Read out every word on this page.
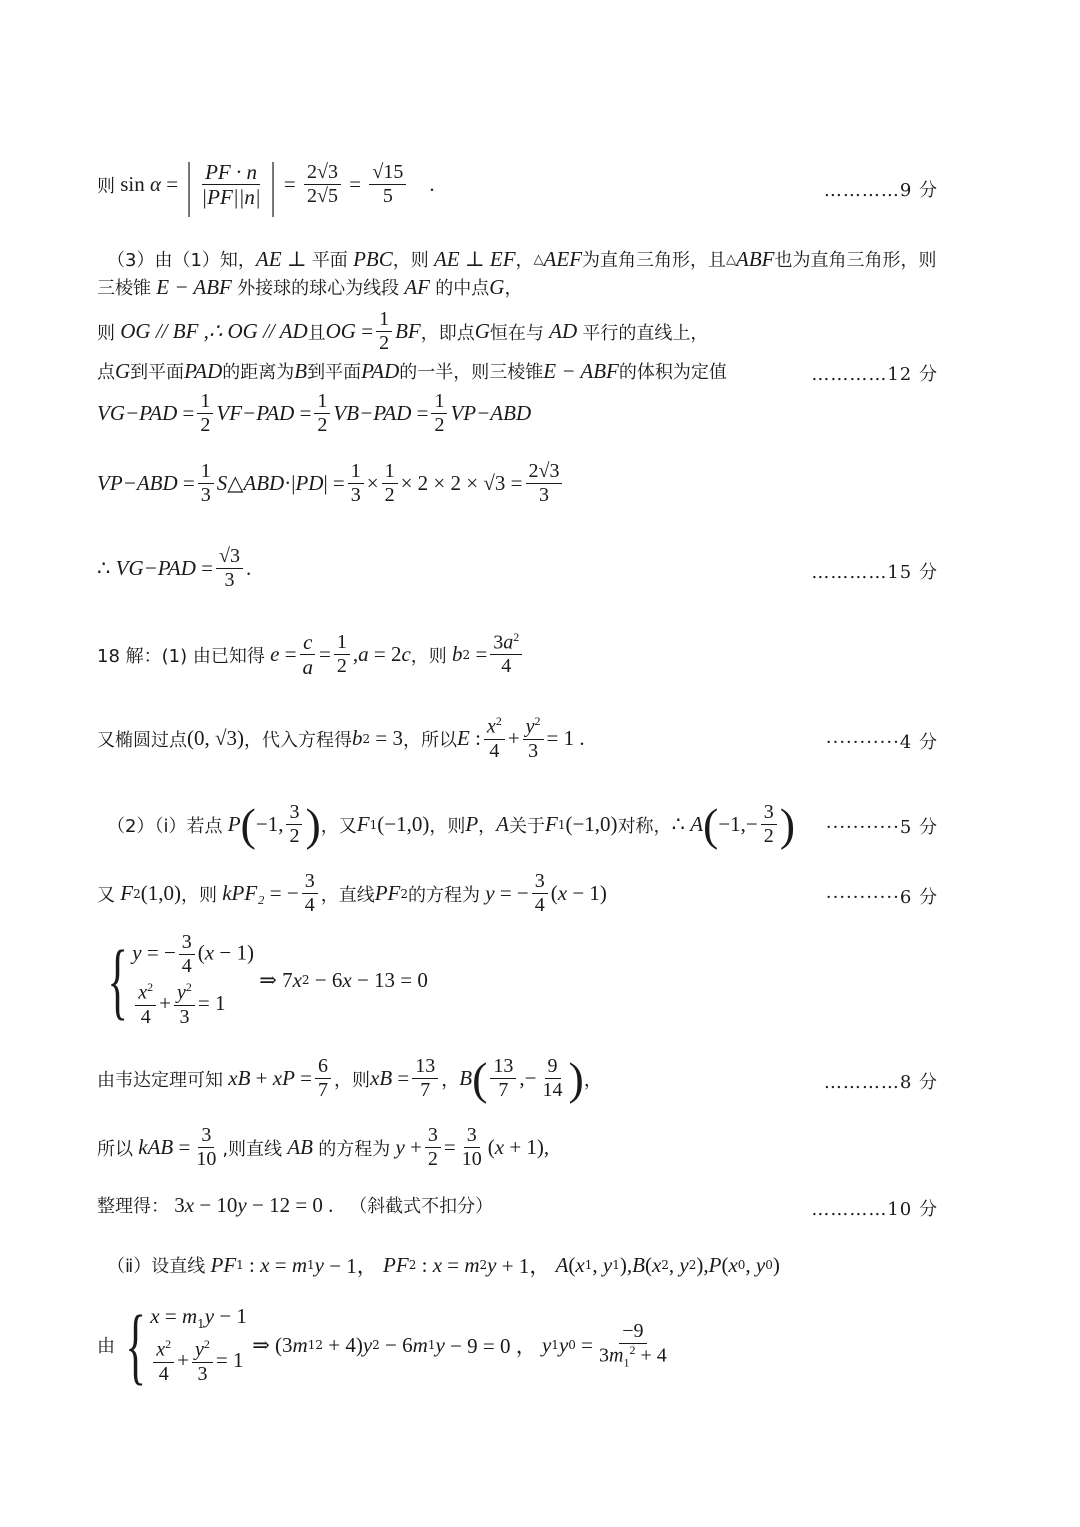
则 sin α = | $\frac{PF \cdot n}{|PF||n|}$ | = $\frac{2√3}{2√5} = \frac{√15}{5}$ .	…………9 分
（3）由（1）知， AE ⊥ 平面 PBC ，则 AE ⊥ EF ， △ AEF 为直角三角形，且 △ ABF 也为直角三角形，则
三棱锥 E − ABF 外接球的球心为线段 AF 的中点 G ，
则 OG // BF ,∴ OG // AD 且 OG = $\frac{1}{2}$ BF ，即点 G 恒在与 AD 平行的直线上，
点 G 到平面 PAD 的距离为 B 到平面 PAD 的一半，则三棱锥 E − ABF 的体积为定值	…………12 分
V $G-PAD = \frac{1}{2}$ V $F-PAD = \frac{1}{2}$ V $B-PAD = \frac{1}{2}$ V P−ABD
V $P-ABD = \frac{1}{3}$ S △ABD ·| PD | = $\frac{1}{3} \times \frac{1}{2} \times 2 \times 2 \times √3 = \frac{2√3}{3}$
∴ V $G-PAD = \frac{√3}{3}$ .	…………15 分
18 解：(1) 由已知得 $e = \frac{c}{a} = \frac{1}{2}$ , a = 2 c ，则 b $2 = \frac{3a^2}{4}$
又椭圆过点 (0, √3) ，代入方程得 b 2 = 3 ，所以 E : $\frac{x^2}{4} + \frac{y^2}{3} = 1$ .	···········4 分
（2）（ⅰ）若点 P ( −1, $\frac{3}{2}$ ) ，又 F 1 (−1,0) ，则 P ， A 关于 F 1 (−1,0) 对称， ∴ A ( $-1,- \frac{3}{2}$ ) ···········5 分
又 F 2 (1,0) ，则 k PF₂ = − $\frac{3}{4}$ ，直线 PF 2 的方程为 y = − $\frac{3}{4}$ ( x − 1)	···········6 分
{ y = − $\frac{3}{4} (x - 1)$
$\frac{x^2}{4} + \frac{y^2}{3} = 1$
⇒ 7 x 2 − 6 x − 13 = 0
由韦达定理可知 x B + x $P = \frac{6}{7}$ ，则 x $B = \frac{13}{7}$ ， B ( $\frac{13}{7}$ ,− $\frac{9}{14}$ ) ，	…………8 分
所以 k AB = $\frac{3}{10}$ ,则直线 AB 的方程为 $y + \frac{3}{2} = \frac{3}{10}$ ( x + 1),
整理得： 3 x − 10 y − 12 = 0 . （斜截式不扣分）	…………10 分
（ⅱ）设直线 PF 1 : x = m 1 y − 1， PF 2 : x = m 2 y + 1， A ( x 1 , y 1 ), B ( x 2 , y 2 ), P ( x 0 , y 0 )
由 { $x = m_1y - 1$
$\frac{x^2}{4} + \frac{y^2}{3} = 1$
⇒ (3 m 1 2 + 4) y 2 − 6 m 1 y − 9 = 0 ， y 1 y $0 = \frac{-9}{3m_1^2 + 4}$
